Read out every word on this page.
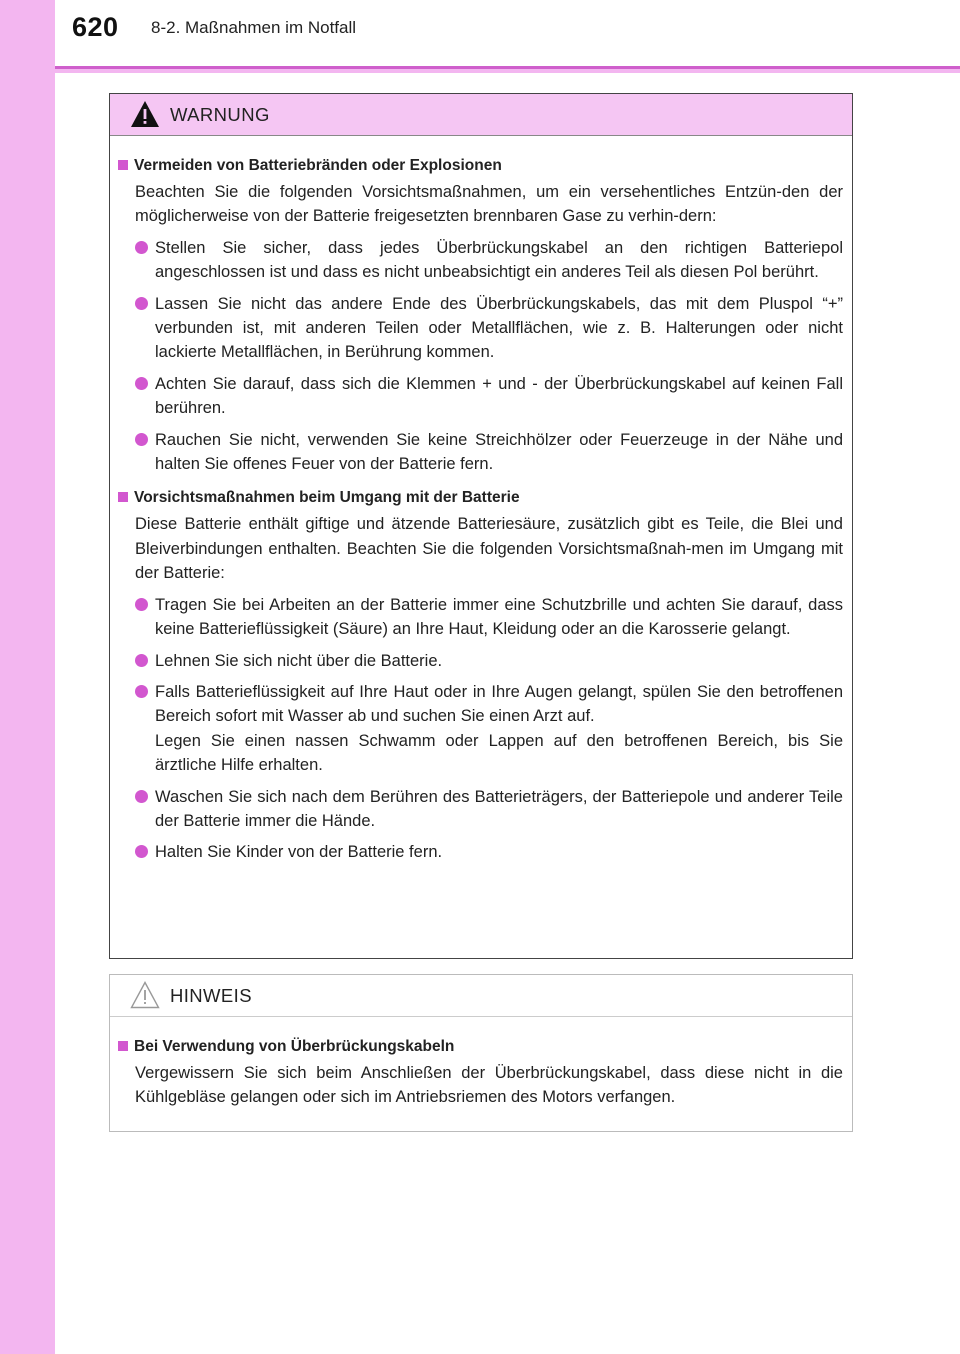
620 8-2. Maßnahmen im Notfall
WARNUNG
Vermeiden von Batteriebränden oder Explosionen
Beachten Sie die folgenden Vorsichtsmaßnahmen, um ein versehentliches Entzün-den der möglicherweise von der Batterie freigesetzten brennbaren Gase zu verhin-dern:
Stellen Sie sicher, dass jedes Überbrückungskabel an den richtigen Batteriepol angeschlossen ist und dass es nicht unbeabsichtigt ein anderes Teil als diesen Pol berührt.
Lassen Sie nicht das andere Ende des Überbrückungskabels, das mit dem Pluspol “+” verbunden ist, mit anderen Teilen oder Metallflächen, wie z. B. Halterungen oder nicht lackierte Metallflächen, in Berührung kommen.
Achten Sie darauf, dass sich die Klemmen + und - der Überbrückungskabel auf keinen Fall berühren.
Rauchen Sie nicht, verwenden Sie keine Streichhölzer oder Feuerzeuge in der Nähe und halten Sie offenes Feuer von der Batterie fern.
Vorsichtsmaßnahmen beim Umgang mit der Batterie
Diese Batterie enthält giftige und ätzende Batteriesäure, zusätzlich gibt es Teile, die Blei und Bleiverbindungen enthalten. Beachten Sie die folgenden Vorsichtsmaßnah-men im Umgang mit der Batterie:
Tragen Sie bei Arbeiten an der Batterie immer eine Schutzbrille und achten Sie darauf, dass keine Batterieflüssigkeit (Säure) an Ihre Haut, Kleidung oder an die Karosserie gelangt.
Lehnen Sie sich nicht über die Batterie.
Falls Batterieflüssigkeit auf Ihre Haut oder in Ihre Augen gelangt, spülen Sie den betroffenen Bereich sofort mit Wasser ab und suchen Sie einen Arzt auf.
Legen Sie einen nassen Schwamm oder Lappen auf den betroffenen Bereich, bis Sie ärztliche Hilfe erhalten.
Waschen Sie sich nach dem Berühren des Batterieträgers, der Batteriepole und anderer Teile der Batterie immer die Hände.
Halten Sie Kinder von der Batterie fern.
HINWEIS
Bei Verwendung von Überbrückungskabeln
Vergewissern Sie sich beim Anschließen der Überbrückungskabel, dass diese nicht in die Kühlgebläse gelangen oder sich im Antriebsriemen des Motors verfangen.
